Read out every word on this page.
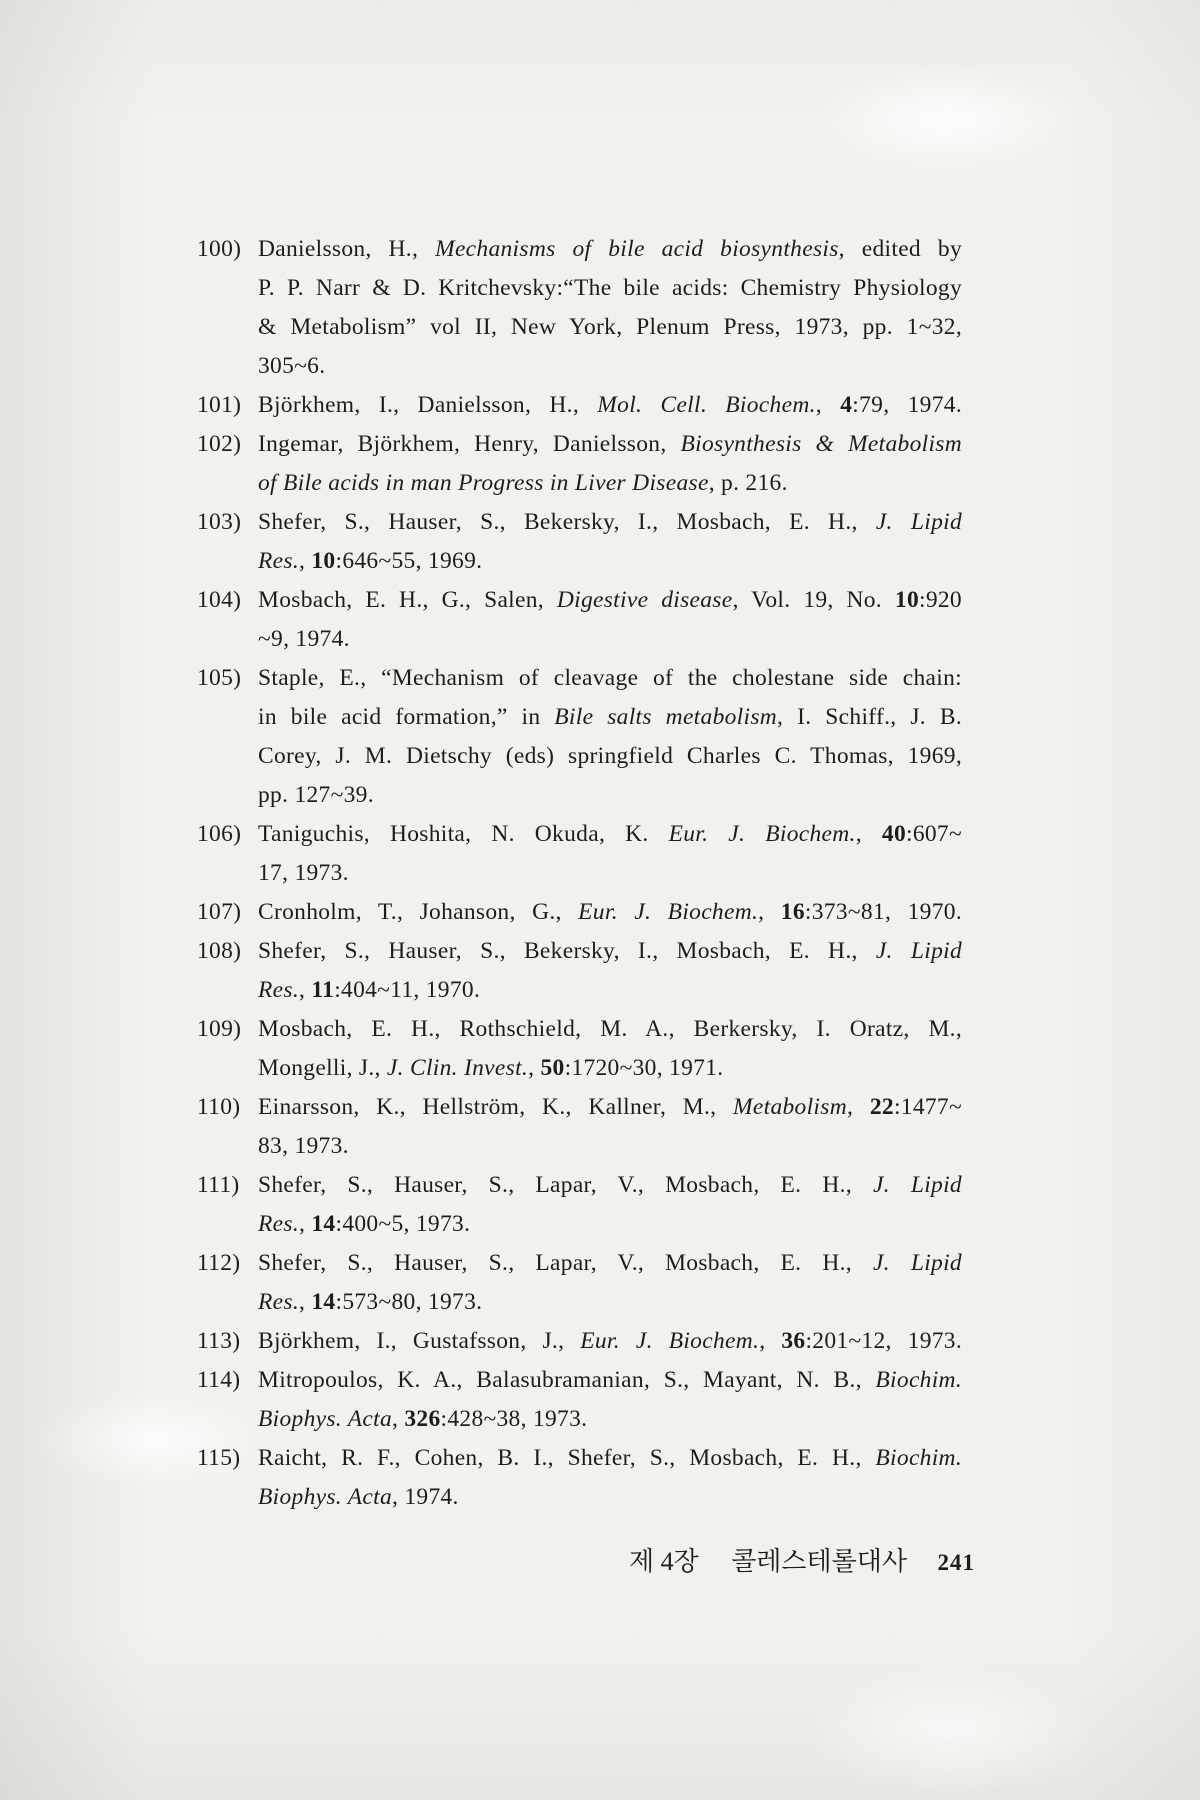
100) Danielsson, H., Mechanisms of bile acid biosynthesis, edited by
P. P. Narr & D. Kritchevsky:“The bile acids: Chemistry Physiology
& Metabolism” vol II, New York, Plenum Press, 1973, pp. 1~32,
305~6.
101) Björkhem, I., Danielsson, H., Mol. Cell. Biochem., 4:79, 1974.
102) Ingemar, Björkhem, Henry, Danielsson, Biosynthesis & Metabolism
of Bile acids in man Progress in Liver Disease, p. 216.
103) Shefer, S., Hauser, S., Bekersky, I., Mosbach, E. H., J. Lipid
Res., 10:646~55, 1969.
104) Mosbach, E. H., G., Salen, Digestive disease, Vol. 19, No. 10:920
~9, 1974.
105) Staple, E., “Mechanism of cleavage of the cholestane side chain:
in bile acid formation,” in Bile salts metabolism, I. Schiff., J. B.
Corey, J. M. Dietschy (eds) springfield Charles C. Thomas, 1969,
pp. 127~39.
106) Taniguchis, Hoshita, N. Okuda, K. Eur. J. Biochem., 40:607~
17, 1973.
107) Cronholm, T., Johanson, G., Eur. J. Biochem., 16:373~81, 1970.
108) Shefer, S., Hauser, S., Bekersky, I., Mosbach, E. H., J. Lipid
Res., 11:404~11, 1970.
109) Mosbach, E. H., Rothschield, M. A., Berkersky, I. Oratz, M.,
Mongelli, J., J. Clin. Invest., 50:1720~30, 1971.
110) Einarsson, K., Hellström, K., Kallner, M., Metabolism, 22:1477~
83, 1973.
111) Shefer, S., Hauser, S., Lapar, V., Mosbach, E. H., J. Lipid
Res., 14:400~5, 1973.
112) Shefer, S., Hauser, S., Lapar, V., Mosbach, E. H., J. Lipid
Res., 14:573~80, 1973.
113) Björkhem, I., Gustafsson, J., Eur. J. Biochem., 36:201~12, 1973.
114) Mitropoulos, K. A., Balasubramanian, S., Mayant, N. B., Biochim.
Biophys. Acta, 326:428~38, 1973.
115) Raicht, R. F., Cohen, B. I., Shefer, S., Mosbach, E. H., Biochim.
Biophys. Acta, 1974.
제 4장 콜레스테롤대사 241
